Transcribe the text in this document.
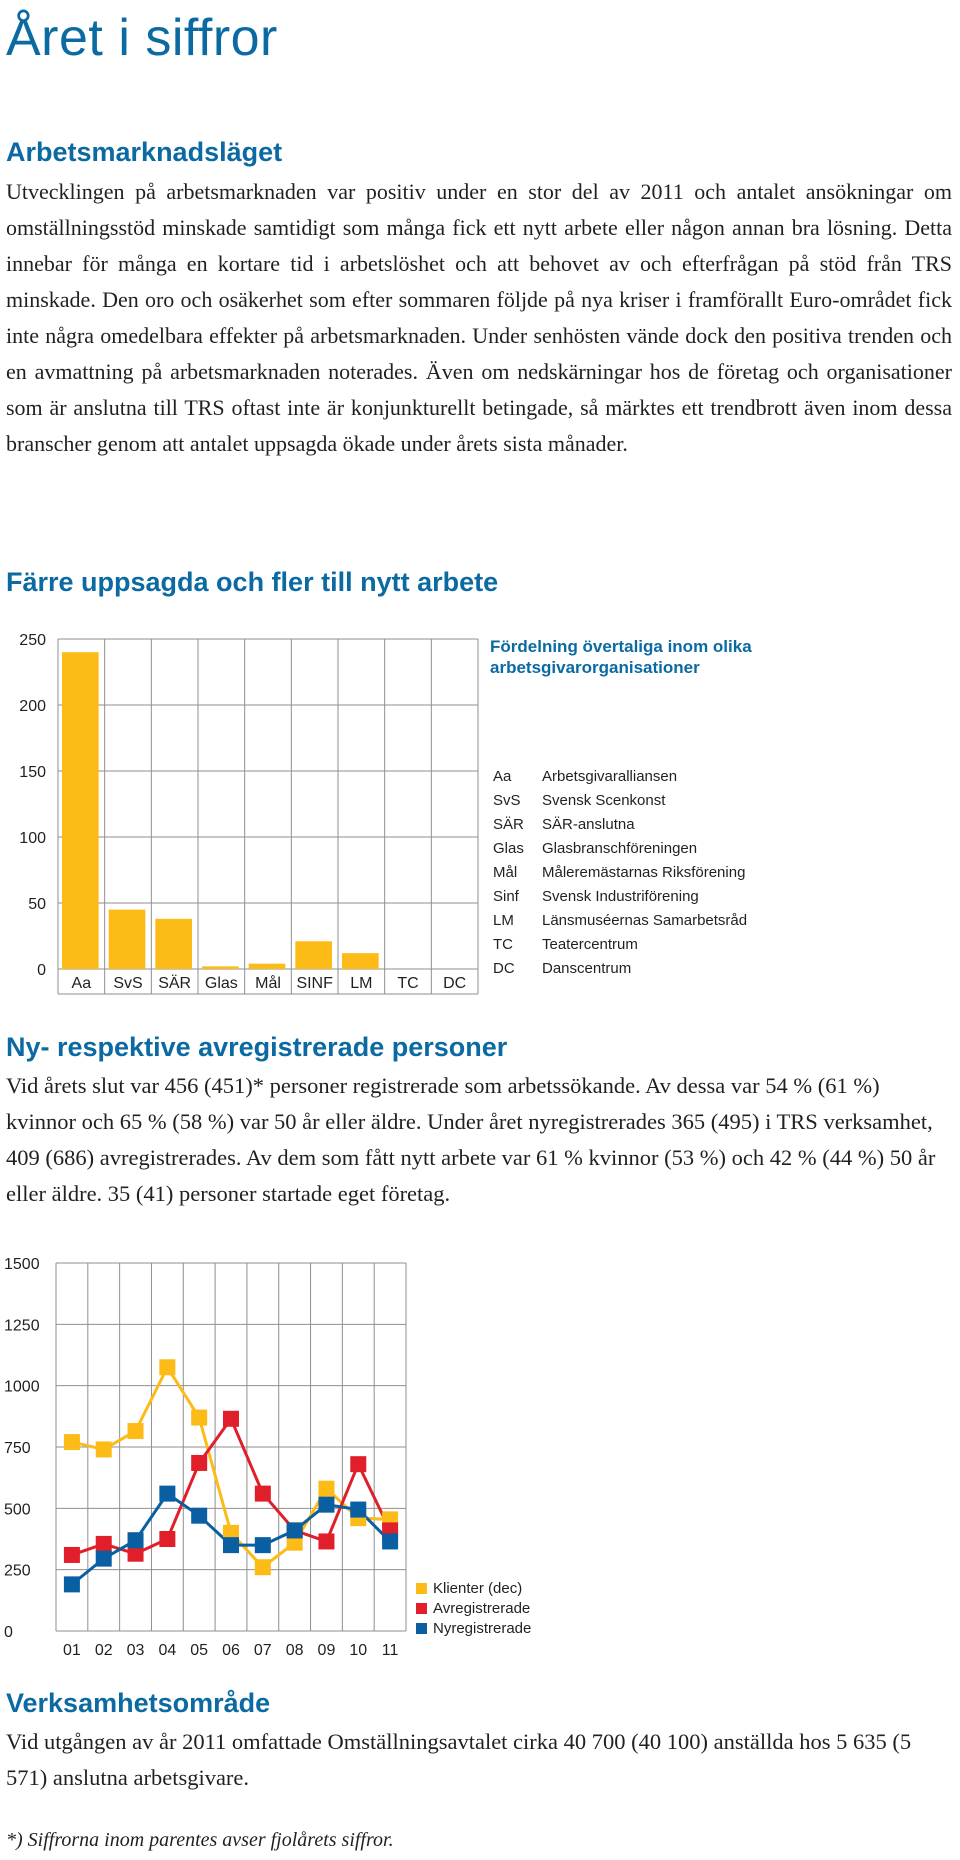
Året i siffror
Arbetsmarknadsläget

Utvecklingen på arbetsmarknaden var positiv under en stor del av 2011 och antalet ansökningar om omställningsstöd minskade samtidigt som många fick ett nytt arbete eller någon annan bra lösning. Detta innebar för många en kortare tid i arbetslöshet och att behovet av och efterfrågan på stöd från TRS minskade. Den oro och osäkerhet som efter sommaren följde på nya kriser i framförallt Euro-området fick inte några omedelbara effekter på arbetsmarknaden. Under senhösten vände dock den positiva trenden och en avmattning på arbetsmarknaden noterades. Även om nedskärningar hos de företag och organisationer som är anslutna till TRS oftast inte är konjunkturellt betingade, så märktes ett trendbrott även inom dessa branscher genom att antalet uppsagda ökade under årets sista månader.

Färre uppsagda och fler till nytt arbete
0
50
100
150
200
250
Aa SvS SÄR Glas Mål SINF LM TC DC
Fördelning övertaliga inom olika arbetsgivarorganisationer
Aa	Arbetsgivaralliansen
SvS	Svensk Scenkonst
SÄR	SÄR-anslutna
Glas	Glasbranschföreningen
Mål	Måleremästarnas Riksförening
Sinf	Svensk Industriförening
LM	Länsmuséernas Samarbetsråd
TC	Teatercentrum
DC	Danscentrum
Ny- respektive avregistrerade personer

Vid årets slut var 456 (451)* personer registrerade som arbetssökande. Av dessa var 54 % (61 %) kvinnor och 65 % (58 %) var 50 år eller äldre. Under året nyregistrerades 365 (495) i TRS verksamhet, 409 (686) avregistrerades. Av dem som fått nytt arbete var 61 % kvinnor (53 %) och 42 % (44 %) 50 år eller äldre. 35 (41) personer startade eget företag.

0
250
500
750
1000
1250
1500
01 02 03 04 05 06 07 08 09 10 11
Klienter (dec)
Avregistrerade
Nyregistrerade
Verksamhetsområde

Vid utgången av år 2011 omfattade Omställningsavtalet cirka 40 700 (40 100) anställda hos 5 635 (5 571) anslutna arbetsgivare.

*) Siffrorna inom parentes avser fjolårets siffror.
